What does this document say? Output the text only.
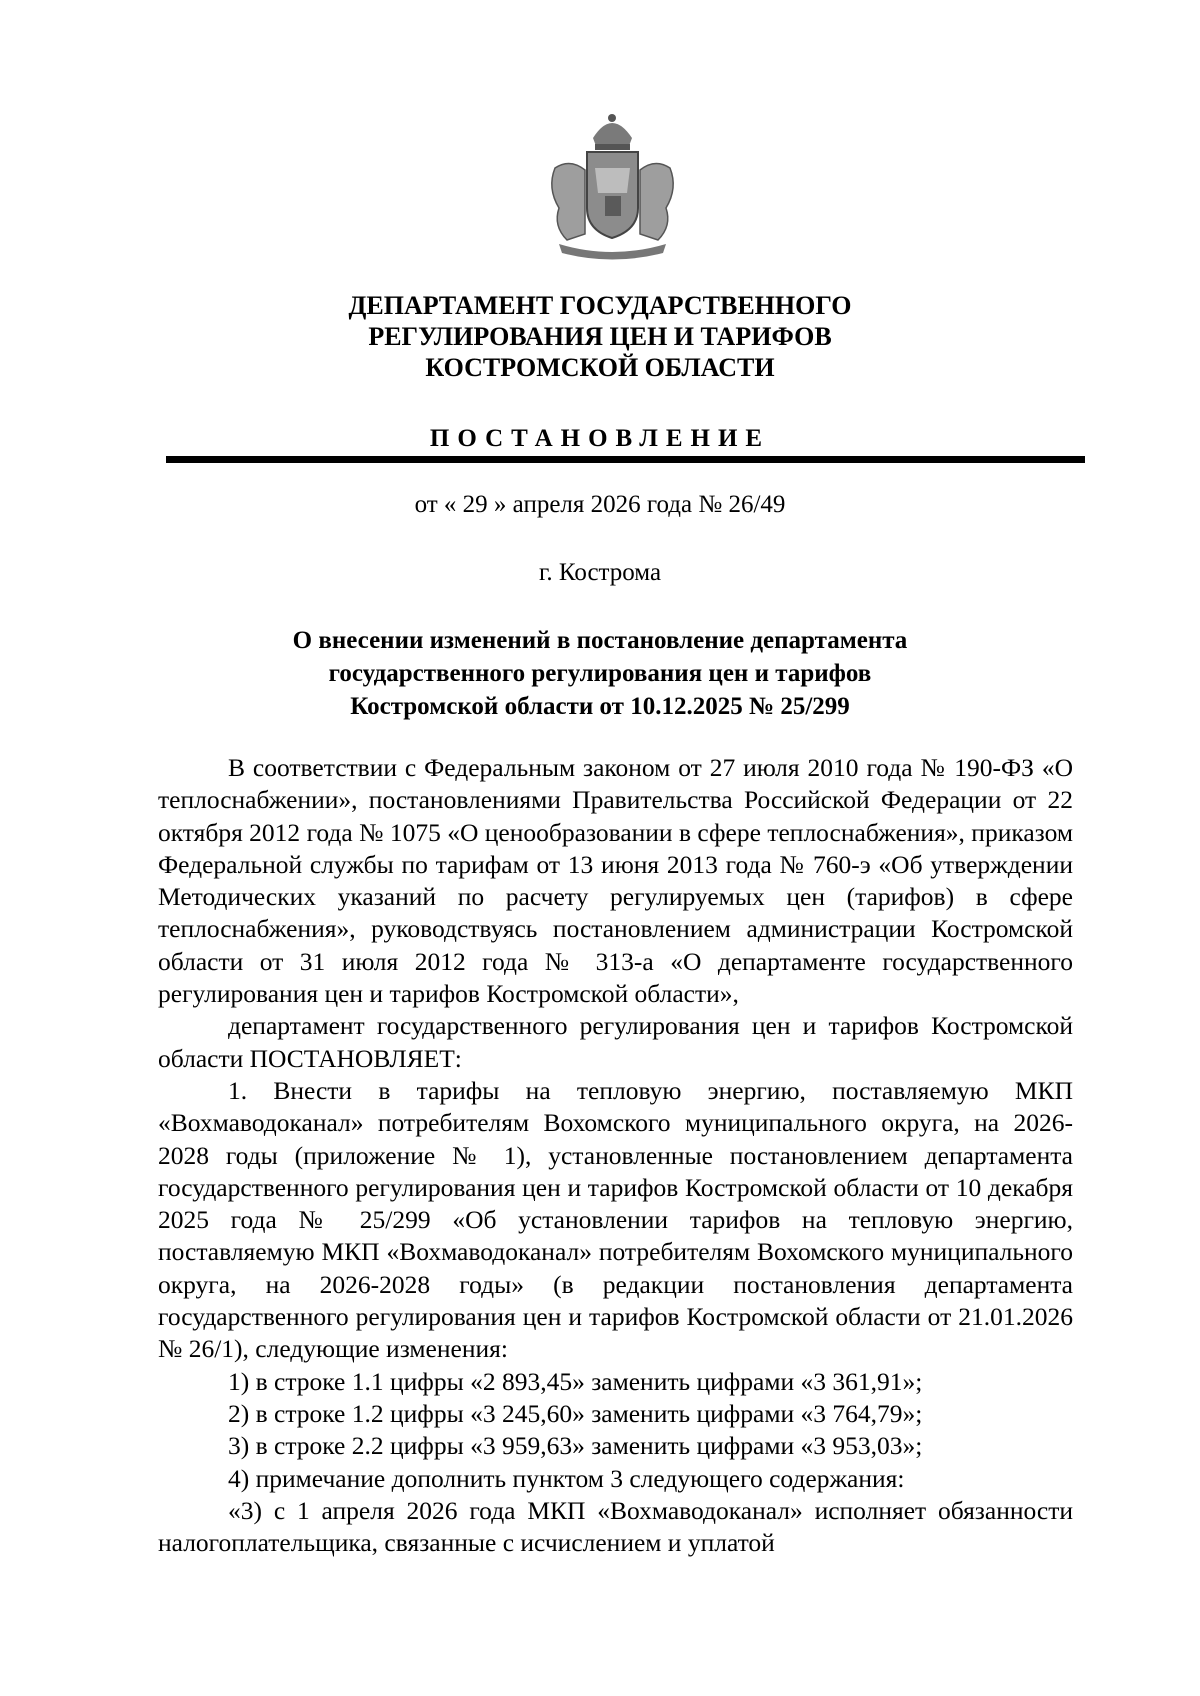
ДЕПАРТАМЕНТ ГОСУДАРСТВЕННОГО
РЕГУЛИРОВАНИЯ ЦЕН И ТАРИФОВ
КОСТРОМСКОЙ ОБЛАСТИ
ПОСТАНОВЛЕНИЕ
от « 29 » апреля 2026 года № 26/49
г. Кострома
О внесении изменений в постановление департамента
государственного регулирования цен и тарифов
Костромской области от 10.12.2025 № 25/299

В соответствии с Федеральным законом от 27 июля 2010 года № 190-ФЗ «О теплоснабжении», постановлениями Правительства Российской Федерации от 22 октября 2012 года № 1075 «О ценообразовании в сфере теплоснабжения», приказом Федеральной службы по тарифам от 13 июня 2013 года № 760-э «Об утверждении Методических указаний по расчету регулируемых цен (тарифов) в сфере теплоснабжения», руководствуясь постановлением администрации Костромской области от 31 июля 2012 года № 313-а «О департаменте государственного регулирования цен и тарифов Костромской области»,

департамент государственного регулирования цен и тарифов Костромской области ПОСТАНОВЛЯЕТ:

1. Внести в тарифы на тепловую энергию, поставляемую МКП «Вохмаводоканал» потребителям Вохомского муниципального округа, на 2026-2028 годы (приложение № 1), установленные постановлением департамента государственного регулирования цен и тарифов Костромской области от 10 декабря 2025 года № 25/299 «Об установлении тарифов на тепловую энергию, поставляемую МКП «Вохмаводоканал» потребителям Вохомского муниципального округа, на 2026-2028 годы» (в редакции постановления департамента государственного регулирования цен и тарифов Костромской области от 21.01.2026 № 26/1), следующие изменения:

1) в строке 1.1 цифры «2 893,45» заменить цифрами «3 361,91»;

2) в строке 1.2 цифры «3 245,60» заменить цифрами «3 764,79»;

3) в строке 2.2 цифры «3 959,63» заменить цифрами «3 953,03»;

4) примечание дополнить пунктом 3 следующего содержания:

«3) с 1 апреля 2026 года МКП «Вохмаводоканал» исполняет обязанности налогоплательщика, связанные с исчислением и уплатой
